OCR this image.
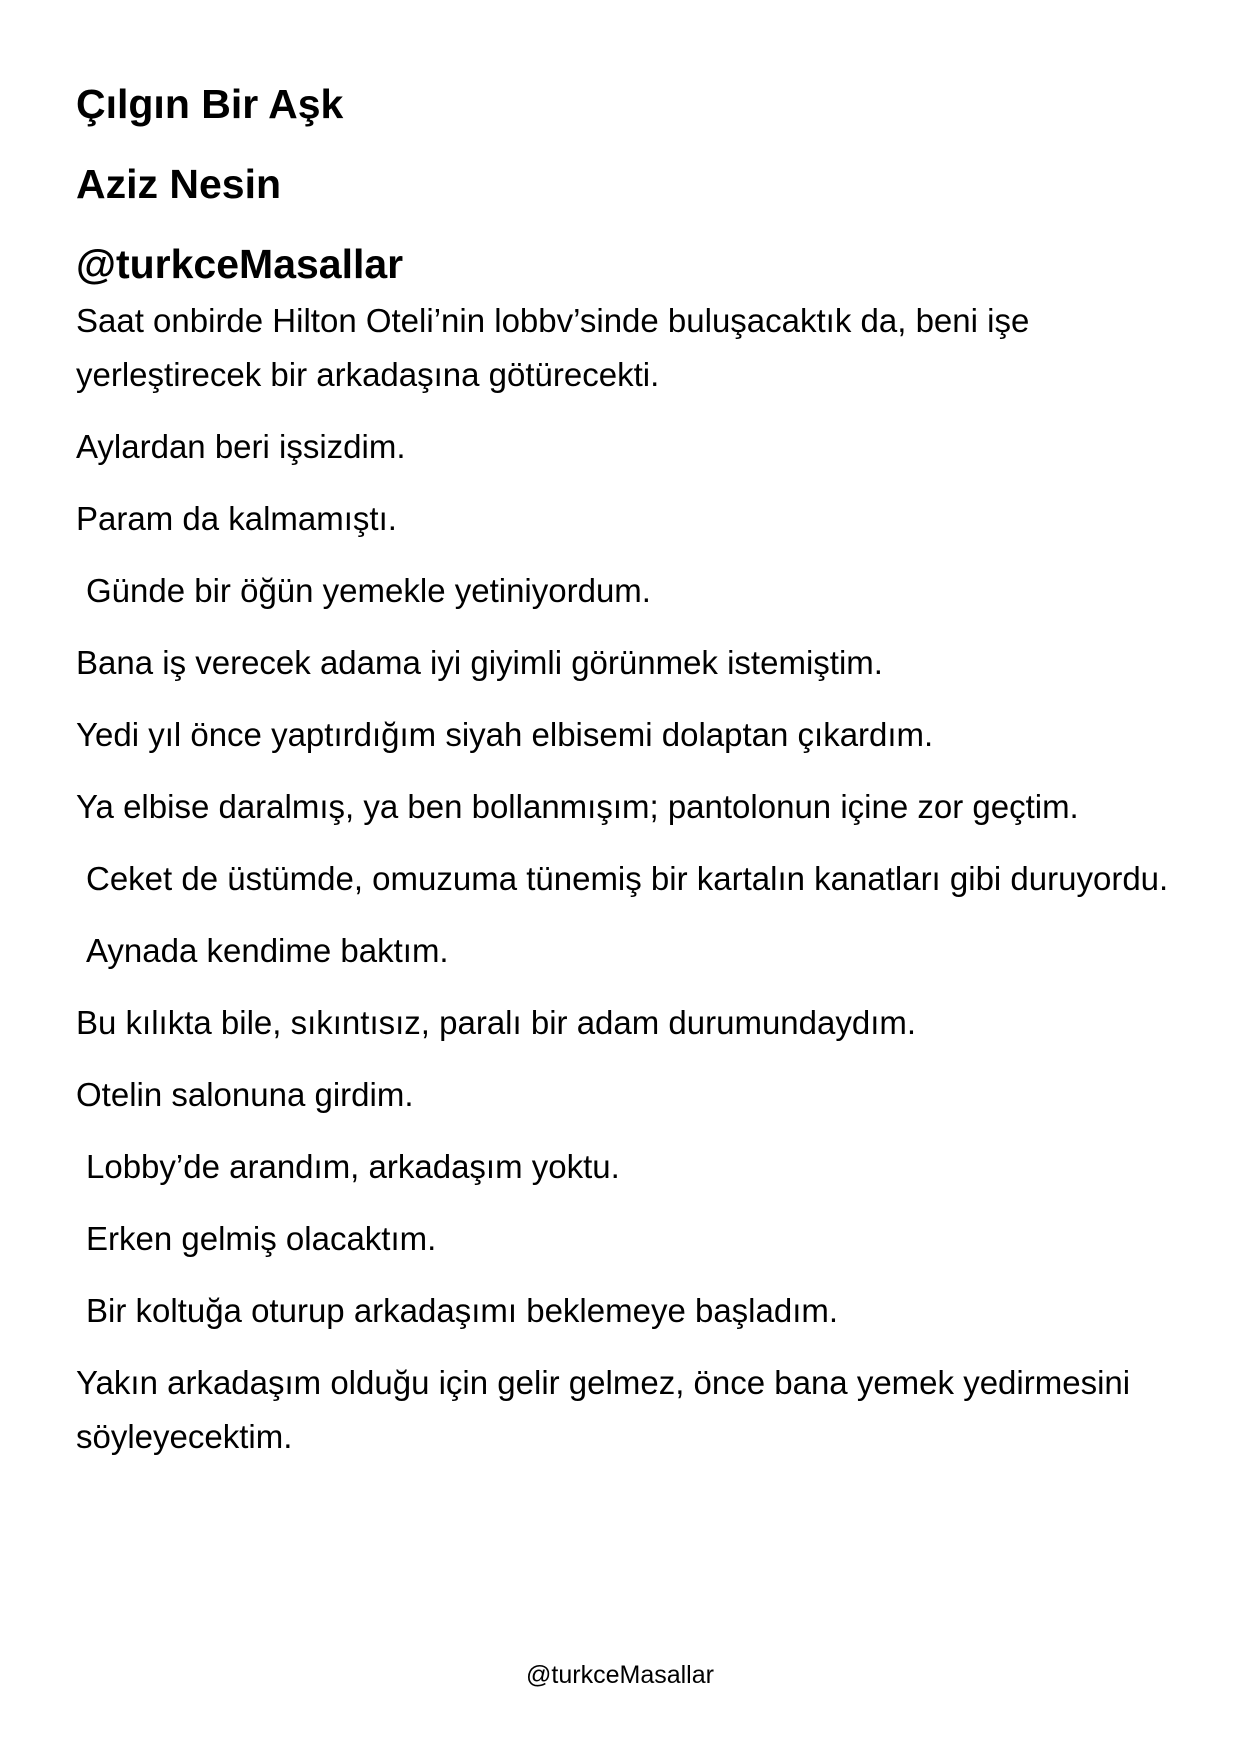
Çılgın Bir Aşk
Aziz Nesin
@turkceMasallar
Saat onbirde Hilton Oteli’nin lobbv’sinde buluşacaktık da, beni işe yerleştirecek bir arkadaşına götürecekti.
Aylardan beri işsizdim.
Param da kalmamıştı.
Günde bir öğün yemekle yetiniyordum.
Bana iş verecek adama iyi giyimli görünmek istemiştim.
Yedi yıl önce yaptırdığım siyah elbisemi dolaptan çıkardım.
Ya elbise daralmış, ya ben bollanmışım; pantolonun içine zor geçtim.
Ceket de üstümde, omuzuma tünemiş bir kartalın kanatları gibi duruyordu.
Aynada kendime baktım.
Bu kılıkta bile, sıkıntısız, paralı bir adam durumundaydım.
Otelin salonuna girdim.
Lobby’de arandım, arkadaşım yoktu.
Erken gelmiş olacaktım.
Bir koltuğa oturup arkadaşımı beklemeye başladım.
Yakın arkadaşım olduğu için gelir gelmez, önce bana yemek yedirmesini söyleyecektim.
@turkceMasallar
